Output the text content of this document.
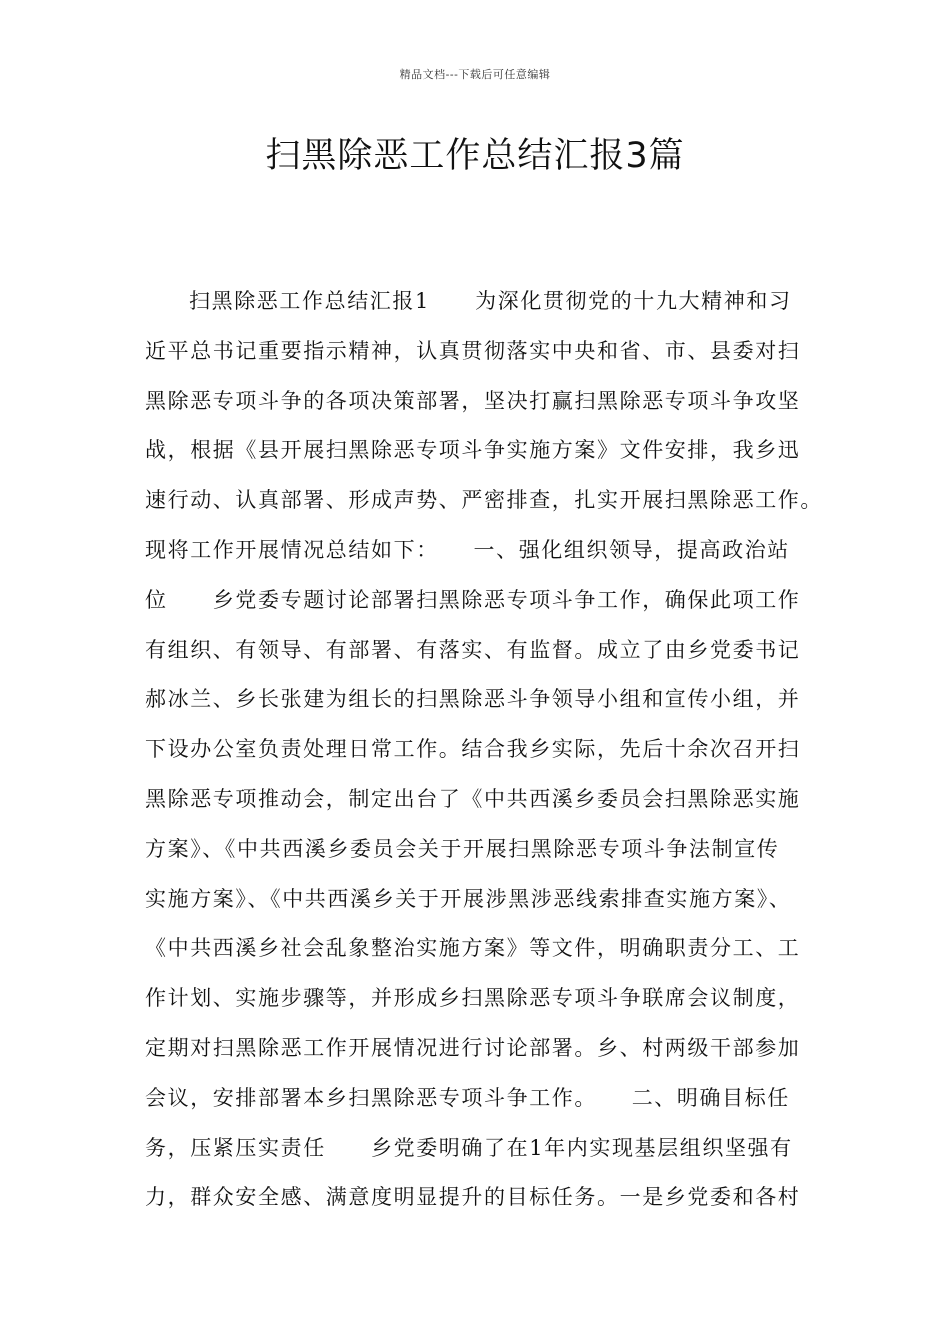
精品文档---下载后可任意编辑
扫黑除恶工作总结汇报3篇
扫黑除恶工作总结汇报1　　为深化贯彻党的十九大精神和习
近平总书记重要指示精神，认真贯彻落实中央和省、市、县委对扫
黑除恶专项斗争的各项决策部署，坚决打赢扫黑除恶专项斗争攻坚
战，根据《县开展扫黑除恶专项斗争实施方案》文件安排，我乡迅
速行动、认真部署、形成声势、严密排查，扎实开展扫黑除恶工作。
现将工作开展情况总结如下：　　一、强化组织领导，提高政治站
位　　乡党委专题讨论部署扫黑除恶专项斗争工作，确保此项工作
有组织、有领导、有部署、有落实、有监督。成立了由乡党委书记
郝冰兰、乡长张建为组长的扫黑除恶斗争领导小组和宣传小组，并
下设办公室负责处理日常工作。结合我乡实际，先后十余次召开扫
黑除恶专项推动会，制定出台了《中共西溪乡委员会扫黑除恶实施
方案》、《中共西溪乡委员会关于开展扫黑除恶专项斗争法制宣传
实施方案》、《中共西溪乡关于开展涉黑涉恶线索排查实施方案》、
《中共西溪乡社会乱象整治实施方案》等文件，明确职责分工、工
作计划、实施步骤等，并形成乡扫黑除恶专项斗争联席会议制度，
定期对扫黑除恶工作开展情况进行讨论部署。乡、村两级干部参加
会议，安排部署本乡扫黑除恶专项斗争工作。　　二、明确目标任
务，压紧压实责任　　乡党委明确了在1年内实现基层组织坚强有
力，群众安全感、满意度明显提升的目标任务。一是乡党委和各村
